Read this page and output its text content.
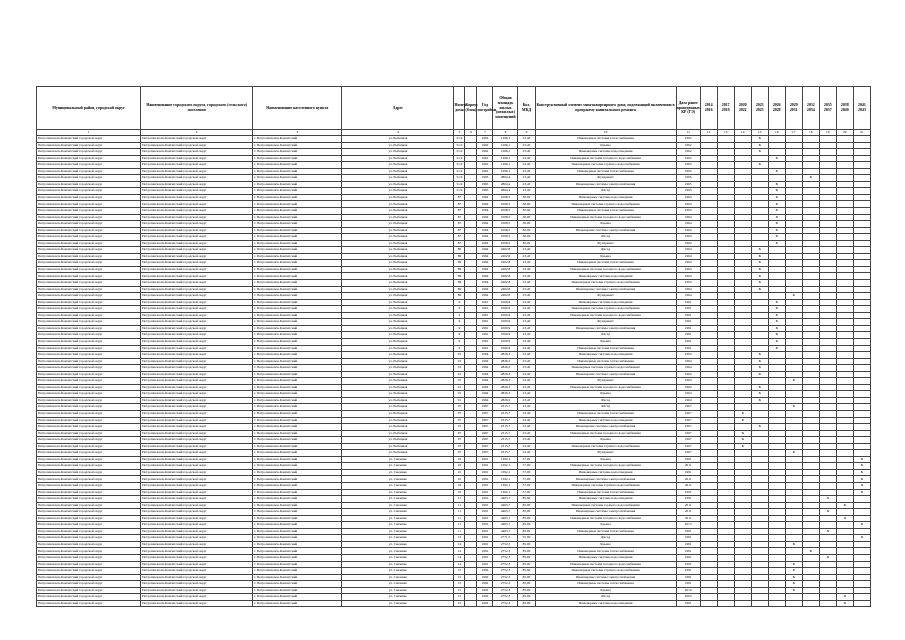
Муниципальный район, городской округ	Наименование городского округа, городского (сельского) поселения	Наименование населенного пункта	Адрес	Номер дома	Корпус (блок)	Год постройки	Общая площадь жилых (нежилых) помещений	Кол. МКД	Конструктивный элемент многоквартирного дома, подлежащий включению в программу капитального ремонта	Дата ранее проведенных КР (ГЭ)	2014 2016	2017 2019	2020 2022	2023 2025	2026 2028	2029 2031	2032 2034	2035 2037	2038 2040	2041 2043
1	2	3	4	5	6	7	8	9	10	11	12	13	14	15	16	17	18	19	20	21
Петропавловск-Камчатский городской округ	Петропавловск-Камчатский городской округ	г. Петропавловск-Камчатский	ул. Рыбацкая	51/2		1962	1266,1	23,40	Инженерные системы теплоснабжения	1962				X						
Петропавловск-Камчатский городской округ	Петропавловск-Камчатский городской округ	г. Петропавловск-Камчатский	ул. Рыбацкая	51/2		1962	1266,1	23,40	Крыша	1962				X						
Петропавловск-Камчатский городской округ	Петропавловск-Камчатский городской округ	г. Петропавловск-Камчатский	ул. Рыбацкая	51/2		1962	1266,1	23,40	Инженерные системы водоотведения	1962				X						
Петропавловск-Камчатский городской округ	Петропавловск-Камчатский городской округ	г. Петропавловск-Камчатский	ул. Рыбацкая	51/2		1962	1266,1	23,40	Инженерные системы холодного водоснабжения	1962					X					
Петропавловск-Камчатский городской округ	Петропавловск-Камчатский городской округ	г. Петропавловск-Камчатский	ул. Рыбацкая	51/2		1962	1266,1	23,40	Инженерные системы горячего водоснабжения	1962				X						
Петропавловск-Камчатский городской округ	Петропавловск-Камчатский городской округ	г. Петропавловск-Камчатский	ул. Рыбацкая	51/2		1962	1266,1	23,40	Инженерные системы теплоснабжения	1962					X					
Петропавловск-Камчатский городской округ	Петропавловск-Камчатский городской округ	г. Петропавловск-Камчатский	ул. Рыбацкая	51/4		1965	2864,4	23,40	Фундамент	1965							X			
Петропавловск-Камчатский городской округ	Петропавловск-Камчатский городской округ	г. Петропавловск-Камчатский	ул. Рыбацкая	51/4		1965	2864,4	23,40	Инженерные системы электроснабжения	1965					X					
Петропавловск-Камчатский городской округ	Петропавловск-Камчатский городской округ	г. Петропавловск-Камчатский	ул. Рыбацкая	51/4		1965	2864,4	23,40	Фасад	1965					X					
Петропавловск-Камчатский городской округ	Петропавловск-Камчатский городской округ	г. Петропавловск-Камчатский	ул. Рыбацкая	87		1964	1008,5	30,00	Инженерные системы водоотведения	1964					X					
Петропавловск-Камчатский городской округ	Петропавловск-Камчатский городской округ	г. Петропавловск-Камчатский	ул. Рыбацкая	87		1964	1008,5	30,00	Инженерные системы горячего водоснабжения	1964					X					
Петропавловск-Камчатский городской округ	Петропавловск-Камчатский городской округ	г. Петропавловск-Камчатский	ул. Рыбацкая	87		1964	1008,5	30,00	Инженерные системы теплоснабжения	1964					X					
Петропавловск-Камчатский городской округ	Петропавловск-Камчатский городской округ	г. Петропавловск-Камчатский	ул. Рыбацкая	87		1964	1008,5	30,00	Инженерные системы холодного водоснабжения	1964					X					
Петропавловск-Камчатский городской округ	Петропавловск-Камчатский городской округ	г. Петропавловск-Камчатский	ул. Рыбацкая	87		1964	1008,5	30,00	Крыша	1964					X					
Петропавловск-Камчатский городской округ	Петропавловск-Камчатский городской округ	г. Петропавловск-Камчатский	ул. Рыбацкая	87		1964	1008,5	30,00	Инженерные системы электроснабжения	1964					X					
Петропавловск-Камчатский городской округ	Петропавловск-Камчатский городской округ	г. Петропавловск-Камчатский	ул. Рыбацкая	87		1964	1008,5	30,00	Фасад	1964					X					
Петропавловск-Камчатский городской округ	Петропавловск-Камчатский городской округ	г. Петропавловск-Камчатский	ул. Рыбацкая	87		1964	1008,5	30,00	Фундамент	1964					X					
Петропавловск-Камчатский городской округ	Петропавловск-Камчатский городской округ	г. Петропавловск-Камчатский	ул. Рыбацкая	89		1964	2462,8	23,40	Фасад	1964				X						
Петропавловск-Камчатский городской округ	Петропавловск-Камчатский городской округ	г. Петропавловск-Камчатский	ул. Рыбацкая	89		1964	2462,8	23,40	Крыша	1964				X						
Петропавловск-Камчатский городской округ	Петропавловск-Камчатский городской округ	г. Петропавловск-Камчатский	ул. Рыбацкая	89		1964	2462,8	23,40	Инженерные системы теплоснабжения	1964				X						
Петропавловск-Камчатский городской округ	Петропавловск-Камчатский городской округ	г. Петропавловск-Камчатский	ул. Рыбацкая	89		1964	2462,8	23,40	Инженерные системы холодного водоснабжения	1964				X						
Петропавловск-Камчатский городской округ	Петропавловск-Камчатский городской округ	г. Петропавловск-Камчатский	ул. Рыбацкая	89		1964	2462,8	23,40	Инженерные системы водоотведения	1964				X						
Петропавловск-Камчатский городской округ	Петропавловск-Камчатский городской округ	г. Петропавловск-Камчатский	ул. Рыбацкая	89		1964	2462,8	23,40	Инженерные системы горячего водоснабжения	1964				X						
Петропавловск-Камчатский городской округ	Петропавловск-Камчатский городской округ	г. Петропавловск-Камчатский	ул. Рыбацкая	89		1964	2462,8	23,40	Инженерные системы электроснабжения	1964				X						
Петропавловск-Камчатский городской округ	Петропавловск-Камчатский городской округ	г. Петропавловск-Камчатский	ул. Рыбацкая	89		1964	2462,8	23,40	Фундамент	1964						X				
Петропавловск-Камчатский городской округ	Петропавловск-Камчатский городской округ	г. Петропавловск-Камчатский	ул. Рыбацкая	9		1961	1060,9	23,40	Инженерные системы водоотведения	1961					X					
Петропавловск-Камчатский городской округ	Петропавловск-Камчатский городской округ	г. Петропавловск-Камчатский	ул. Рыбацкая	9		1961	1060,9	23,40	Инженерные системы горячего водоснабжения	1961					X					
Петропавловск-Камчатский городской округ	Петропавловск-Камчатский городской округ	г. Петропавловск-Камчатский	ул. Рыбацкая	9		1961	1060,9	23,40	Инженерные системы холодного водоснабжения	1961					X					
Петропавловск-Камчатский городской округ	Петропавловск-Камчатский городской округ	г. Петропавловск-Камчатский	ул. Рыбацкая	9		1961	1060,9	23,40	Фундамент	1961					X					
Петропавловск-Камчатский городской округ	Петропавловск-Камчатский городской округ	г. Петропавловск-Камчатский	ул. Рыбацкая	9		1961	1060,9	23,40	Инженерные системы электроснабжения	1961					X					
Петропавловск-Камчатский городской округ	Петропавловск-Камчатский городской округ	г. Петропавловск-Камчатский	ул. Рыбацкая	9		1961	1060,9	23,40	Фасад	1961					X					
Петропавловск-Камчатский городской округ	Петропавловск-Камчатский городской округ	г. Петропавловск-Камчатский	ул. Рыбацкая	9		1961	1060,9	23,40	Крыша	1961					X					
Петропавловск-Камчатский городской округ	Петропавловск-Камчатский городской округ	г. Петропавловск-Камчатский	ул. Рыбацкая	9		1961	1060,9	23,40	Инженерные системы теплоснабжения	1961					X					
Петропавловск-Камчатский городской округ	Петропавловск-Камчатский городской округ	г. Петропавловск-Камчатский	ул. Рыбацкая	91		1964	2826,3	23,40	Инженерные системы водоотведения	1964				X						
Петропавловск-Камчатский городской округ	Петропавловск-Камчатский городской округ	г. Петропавловск-Камчатский	ул. Рыбацкая	91		1964	2826,3	23,40	Инженерные системы теплоснабжения	1964				X						
Петропавловск-Камчатский городской округ	Петропавловск-Камчатский городской округ	г. Петропавловск-Камчатский	ул. Рыбацкая	91		1964	2826,3	23,40	Инженерные системы горячего водоснабжения	1964				X						
Петропавловск-Камчатский городской округ	Петропавловск-Камчатский городской округ	г. Петропавловск-Камчатский	ул. Рыбацкая	91		1964	2826,3	23,40	Инженерные системы электроснабжения	1964				X						
Петропавловск-Камчатский городской округ	Петропавловск-Камчатский городской округ	г. Петропавловск-Камчатский	ул. Рыбацкая	91		1964	2826,3	23,40	Фундамент	1964						X				
Петропавловск-Камчатский городской округ	Петропавловск-Камчатский городской округ	г. Петропавловск-Камчатский	ул. Рыбацкая	91		1964	2826,3	23,40	Инженерные системы холодного водоснабжения	1964				X						
Петропавловск-Камчатский городской округ	Петропавловск-Камчатский городской округ	г. Петропавловск-Камчатский	ул. Рыбацкая	91		1964	2826,3	23,40	Крыша	1964				X						
Петропавловск-Камчатский городской округ	Петропавловск-Камчатский городской округ	г. Петропавловск-Камчатский	ул. Рыбацкая	91		1964	2826,3	23,40	Фасад	1964				X						
Петропавловск-Камчатский городской округ	Петропавловск-Камчатский городской округ	г. Петропавловск-Камчатский	ул. Рыбацкая	97		1967	2315,7	23,40	Фасад	1967						X				
Петропавловск-Камчатский городской округ	Петропавловск-Камчатский городской округ	г. Петропавловск-Камчатский	ул. Рыбацкая	97		1967	2315,7	23,40	Инженерные системы теплоснабжения	1967			X							
Петропавловск-Камчатский городской округ	Петропавловск-Камчатский городской округ	г. Петропавловск-Камчатский	ул. Рыбацкая	97		1967	2315,7	23,40	Инженерные системы водоотведения	1967			X							
Петропавловск-Камчатский городской округ	Петропавловск-Камчатский городской округ	г. Петропавловск-Камчатский	ул. Рыбацкая	97		1967	2315,7	23,40	Инженерные системы электроснабжения	1967				X						
Петропавловск-Камчатский городской округ	Петропавловск-Камчатский городской округ	г. Петропавловск-Камчатский	ул. Рыбацкая	97		1967	2315,7	23,40	Инженерные системы холодного водоснабжения	1967			X							
Петропавловск-Камчатский городской округ	Петропавловск-Камчатский городской округ	г. Петропавловск-Камчатский	ул. Рыбацкая	97		1967	2315,7	23,40	Крыша	1967			X							
Петропавловск-Камчатский городской округ	Петропавловск-Камчатский городской округ	г. Петропавловск-Камчатский	ул. Рыбацкая	97		1967	2315,7	23,40	Инженерные системы горячего водоснабжения	1967			X							
Петропавловск-Камчатский городской округ	Петропавловск-Камчатский городской округ	г. Петропавловск-Камчатский	ул. Рыбацкая	97		1967	2315,7	23,40	Фундамент	1967						X				
Петропавловск-Камчатский городской округ	Петропавловск-Камчатский городской округ	г. Петропавловск-Камчатский	ул. Савченко	10		1991	1392,1	57,00	Крыша	1991										X
Петропавловск-Камчатский городской округ	Петропавловск-Камчатский городской округ	г. Петропавловск-Камчатский	ул. Савченко	10		1991	1392,1	57,00	Инженерные системы холодного водоснабжения	2011										X
Петропавловск-Камчатский городской округ	Петропавловск-Камчатский городской округ	г. Петропавловск-Камчатский	ул. Савченко	10		1991	1392,1	57,00	Инженерные системы водоотведения	1991										X
Петропавловск-Камчатский городской округ	Петропавловск-Камчатский городской округ	г. Петропавловск-Камчатский	ул. Савченко	10		1991	1392,1	57,00	Инженерные системы электроснабжения	2011										X
Петропавловск-Камчатский городской округ	Петропавловск-Камчатский городской округ	г. Петропавловск-Камчатский	ул. Савченко	10		1991	1392,1	57,00	Инженерные системы горячего водоснабжения	2011										X
Петропавловск-Камчатский городской округ	Петропавловск-Камчатский городской округ	г. Петропавловск-Камчатский	ул. Савченко	10		1991	1392,1	57,00	Инженерные системы теплоснабжения	1991										X
Петропавловск-Камчатский городской округ	Петропавловск-Камчатский городской округ	г. Петропавловск-Камчатский	ул. Савченко	11		1991	4463,7	85,00	Инженерные системы водоотведения	1991								X		
Петропавловск-Камчатский городской округ	Петропавловск-Камчатский городской округ	г. Петропавловск-Камчатский	ул. Савченко	11		1991	4463,7	85,00	Инженерные системы горячего водоснабжения	2011									X	
Петропавловск-Камчатский городской округ	Петропавловск-Камчатский городской округ	г. Петропавловск-Камчатский	ул. Савченко	11		1991	4463,7	85,00	Инженерные системы электроснабжения	2011								X		
Петропавловск-Камчатский городской округ	Петропавловск-Камчатский городской округ	г. Петропавловск-Камчатский	ул. Савченко	11		1991	4463,7	85,00	Инженерные системы холодного водоснабжения	2011									X	
Петропавловск-Камчатский городской округ	Петропавловск-Камчатский городской округ	г. Петропавловск-Камчатский	ул. Савченко	11		1991	4463,7	85,00	Крыша	2013										X
Петропавловск-Камчатский городской округ	Петропавловск-Камчатский городской округ	г. Петропавловск-Камчатский	ул. Савченко	11		1991	4463,7	85,00	Инженерные системы теплоснабжения	1991								X		
Петропавловск-Камчатский городской округ	Петропавловск-Камчатский городской округ	г. Петропавловск-Камчатский	ул. Савченко	12		1991	2771,5	55,00	Фасад	1991										X
Петропавловск-Камчатский городской округ	Петропавловск-Камчатский городской округ	г. Петропавловск-Камчатский	ул. Савченко	14		1991	2752,3	85,00	Крыша	1991						X				
Петропавловск-Камчатский городской округ	Петропавловск-Камчатский городской округ	г. Петропавловск-Камчатский	ул. Савченко	14		1991	2752,3	85,00	Инженерные системы теплоснабжения	1991							X			
Петропавловск-Камчатский городской округ	Петропавловск-Камчатский городской округ	г. Петропавловск-Камчатский	ул. Савченко	14		1991	2752,3	85,00	Инженерные системы водоотведения	1991								X		
Петропавловск-Камчатский городской округ	Петропавловск-Камчатский городской округ	г. Петропавловск-Камчатский	ул. Савченко	14		1991	2752,3	85,00	Инженерные системы холодного водоснабжения	1991						X				
Петропавловск-Камчатский городской округ	Петропавловск-Камчатский городской округ	г. Петропавловск-Камчатский	ул. Савченко	15		1992	2752,3	85,00	Инженерные системы горячего водоснабжения	1991						X				
Петропавловск-Камчатский городской округ	Петропавловск-Камчатский городской округ	г. Петропавловск-Камчатский	ул. Савченко	15		1992	2752,3	85,00	Инженерные системы электроснабжения	1991						X				
Петропавловск-Камчатский городской округ	Петропавловск-Камчатский городской округ	г. Петропавловск-Камчатский	ул. Савченко	15		1992	2752,3	85,00	Инженерные системы теплоснабжения	1991						X				
Петропавловск-Камчатский городской округ	Петропавловск-Камчатский городской округ	г. Петропавловск-Камчатский	ул. Савченко	15		1992	2752,3	85,00	Крыша	2010						X				
Петропавловск-Камчатский городской округ	Петропавловск-Камчатский городской округ	г. Петропавловск-Камчатский	ул. Савченко	15		1992	2752,3	85,00	Фасад	2002									X	
Петропавловск-Камчатский городской округ	Петропавловск-Камчатский городской округ	г. Петропавловск-Камчатский	ул. Савченко	15		1992	2752,3	85,00	Инженерные системы водоотведения	1991									X	
